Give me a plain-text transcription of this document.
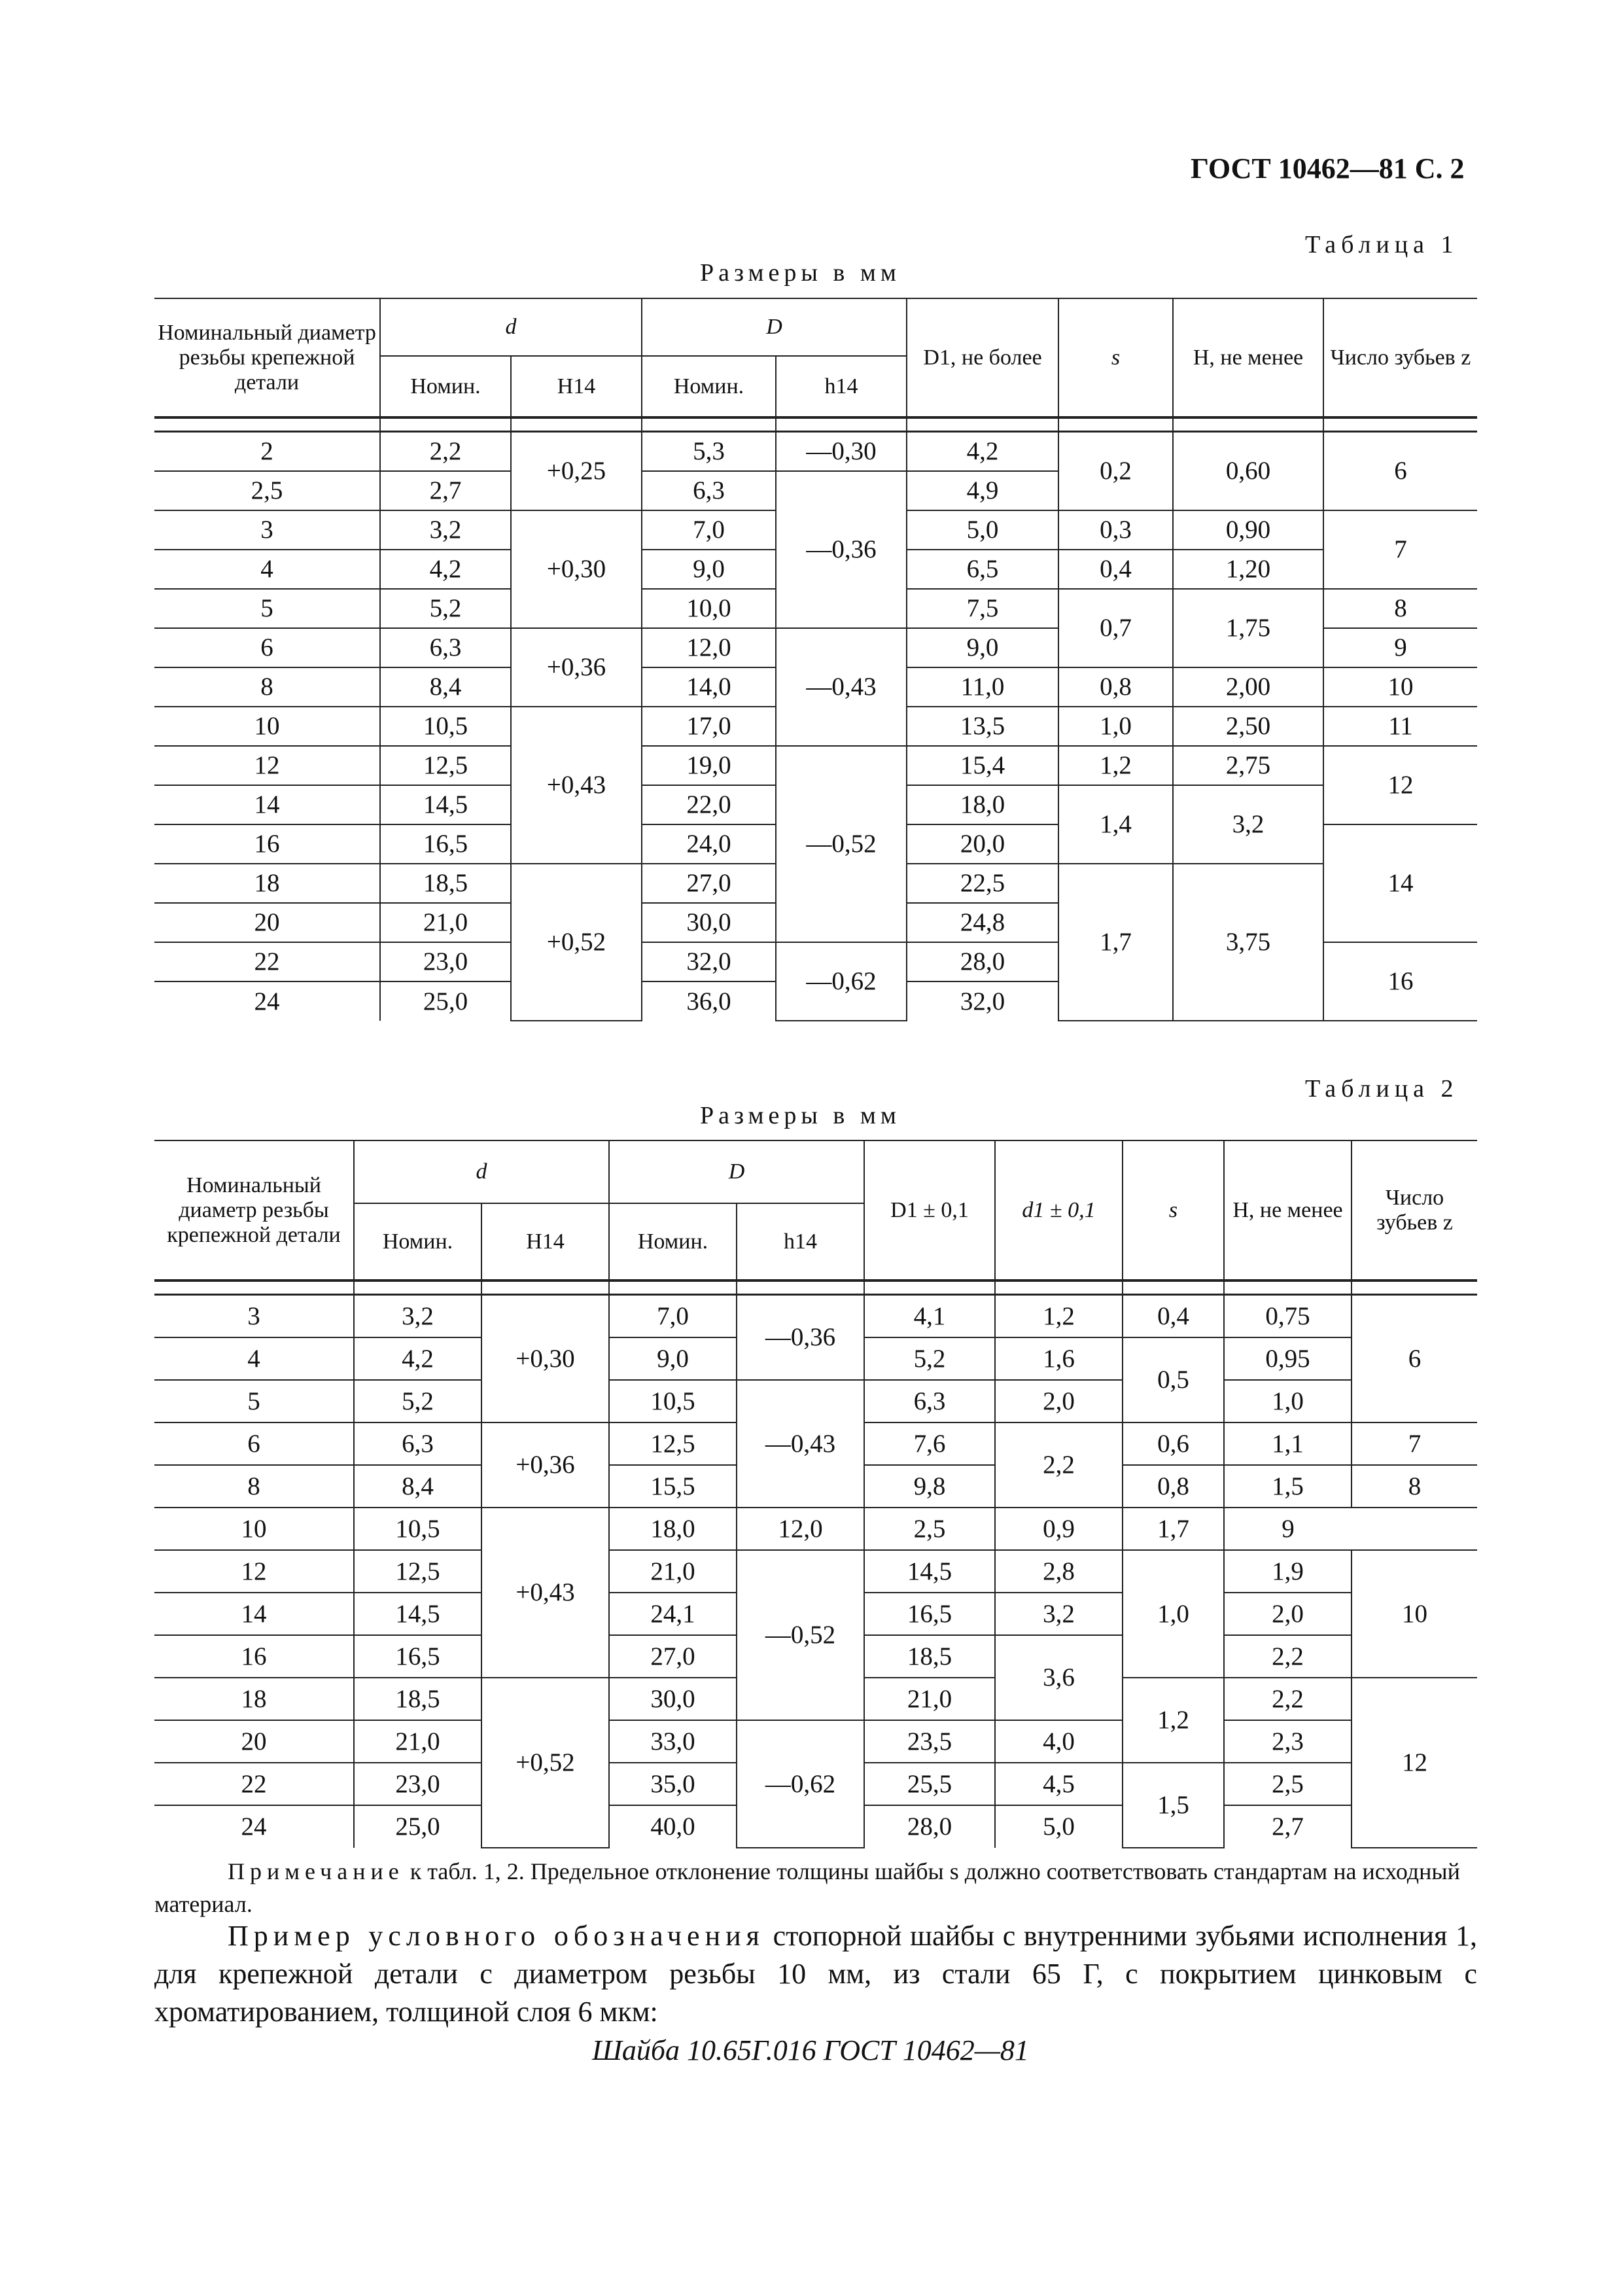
ГОСТ 10462—81 С. 2
Таблица 1
Размеры в мм
Номинальный диаметр резьбы крепежной детали	d		D		D1, не более	s	H, не менее	Число зубьев z
	Номин.	H14	Номин.	h14				

2	2,2	+0,25	5,3	—0,30	4,2	0,2	0,60	6
2,5	2,7		6,3	—0,36	4,9			
3	3,2	+0,30	7,0		5,0	0,3	0,90	7
4	4,2		9,0		6,5	0,4	1,20	
5	5,2		10,0		7,5	0,7	1,75	8
6	6,3	+0,36	12,0	—0,43	9,0			9
8	8,4		14,0		11,0	0,8	2,00	10
10	10,5	+0,43	17,0		13,5	1,0	2,50	11
12	12,5		19,0	—0,52	15,4	1,2	2,75	12
14	14,5		22,0		18,0	1,4	3,2	
16	16,5		24,0		20,0			14
18	18,5	+0,52	27,0		22,5	1,7	3,75	
20	21,0		30,0		24,8			
22	23,0		32,0	—0,62	28,0			16
24	25,0		36,0		32,0			
Таблица 2
Размеры в мм
Номинальный диаметр резьбы крепежной детали	d		D		D1 ± 0,1	d1 ± 0,1	s	H, не менее	Число зубьев z
	Номин.	H14	Номин.	h14					

3	3,2	+0,30	7,0	—0,36	4,1	1,2	0,4	0,75	6
4	4,2		9,0		5,2	1,6	0,5	0,95	
5	5,2		10,5	—0,43	6,3	2,0		1,0	
6	6,3	+0,36	12,5		7,6	2,2	0,6	1,1	7
8	8,4		15,5		9,8		0,8	1,5	8
10	10,5	+0,43	18,0	12,0	2,5	0,9	1,7	9	
12	12,5		21,0	—0,52	14,5	2,8	1,0	1,9	10
14	14,5		24,1		16,5	3,2		2,0	
16	16,5		27,0		18,5	3,6		2,2	
18	18,5	+0,52	30,0		21,0		1,2	2,2	12
20	21,0		33,0	—0,62	23,5	4,0		2,3	
22	23,0		35,0		25,5	4,5	1,5	2,5	
24	25,0		40,0		28,0	5,0		2,7	
Примечание к табл. 1, 2. Предельное отклонение толщины шайбы s должно соответствовать стандартам на исходный материал.
Пример условного обозначения стопорной шайбы с внутренними зубьями исполнения 1, для крепежной детали с диаметром резьбы 10 мм, из стали 65 Г, с покрытием цинковым с хроматированием, толщиной слоя 6 мкм:
Шайба 10.65Г.016 ГОСТ 10462—81
